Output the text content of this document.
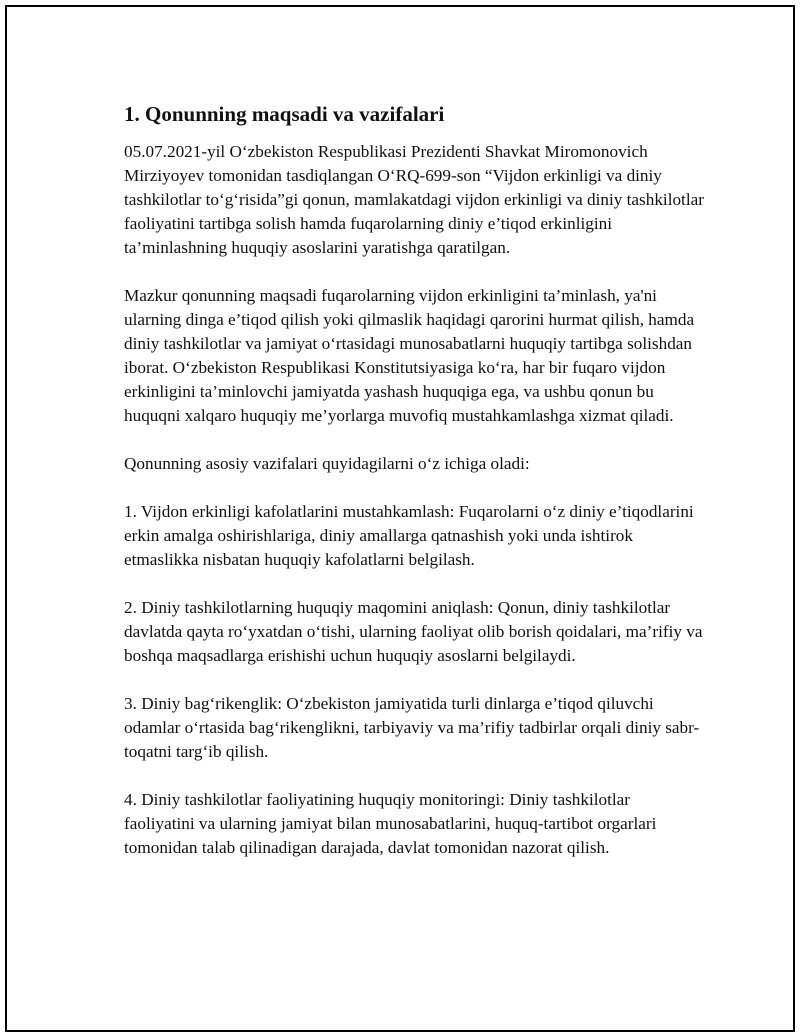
1. Qonunning maqsadi va vazifalari

05.07.2021-yil O‘zbekiston Respublikasi Prezidenti Shavkat Miromonovich Mirziyoyev tomonidan tasdiqlangan O‘RQ-699-son “Vijdon erkinligi va diniy tashkilotlar to‘g‘risida”gi qonun, mamlakatdagi vijdon erkinligi va diniy tashkilotlar faoliyatini tartibga solish hamda fuqarolarning diniy e’tiqod erkinligini ta’minlashning huquqiy asoslarini yaratishga qaratilgan.

Mazkur qonunning maqsadi fuqarolarning vijdon erkinligini ta’minlash, ya'ni ularning dinga e’tiqod qilish yoki qilmaslik haqidagi qarorini hurmat qilish, hamda diniy tashkilotlar va jamiyat o‘rtasidagi munosabatlarni huquqiy tartibga solishdan iborat. O‘zbekiston Respublikasi Konstitutsiyasiga ko‘ra, har bir fuqaro vijdon erkinligini ta’minlovchi jamiyatda yashash huquqiga ega, va ushbu qonun bu huquqni xalqaro huquqiy me’yorlarga muvofiq mustahkamlashga xizmat qiladi.

Qonunning asosiy vazifalari quyidagilarni o‘z ichiga oladi:

1. Vijdon erkinligi kafolatlarini mustahkamlash: Fuqarolarni o‘z diniy e’tiqodlarini erkin amalga oshirishlariga, diniy amallarga qatnashish yoki unda ishtirok etmaslikka nisbatan huquqiy kafolatlarni belgilash.

2. Diniy tashkilotlarning huquqiy maqomini aniqlash: Qonun, diniy tashkilotlar davlatda qayta ro‘yxatdan o‘tishi, ularning faoliyat olib borish qoidalari, ma’rifiy va boshqa maqsadlarga erishishi uchun huquqiy asoslarni belgilaydi.

3. Diniy bag‘rikenglik: O‘zbekiston jamiyatida turli dinlarga e’tiqod qiluvchi odamlar o‘rtasida bag‘rikenglikni, tarbiyaviy va ma’rifiy tadbirlar orqali diniy sabr-toqatni targ‘ib qilish.

4. Diniy tashkilotlar faoliyatining huquqiy monitoringi: Diniy tashkilotlar faoliyatini va ularning jamiyat bilan munosabatlarini, huquq-tartibot orgarlari tomonidan talab qilinadigan darajada, davlat tomonidan nazorat qilish.
